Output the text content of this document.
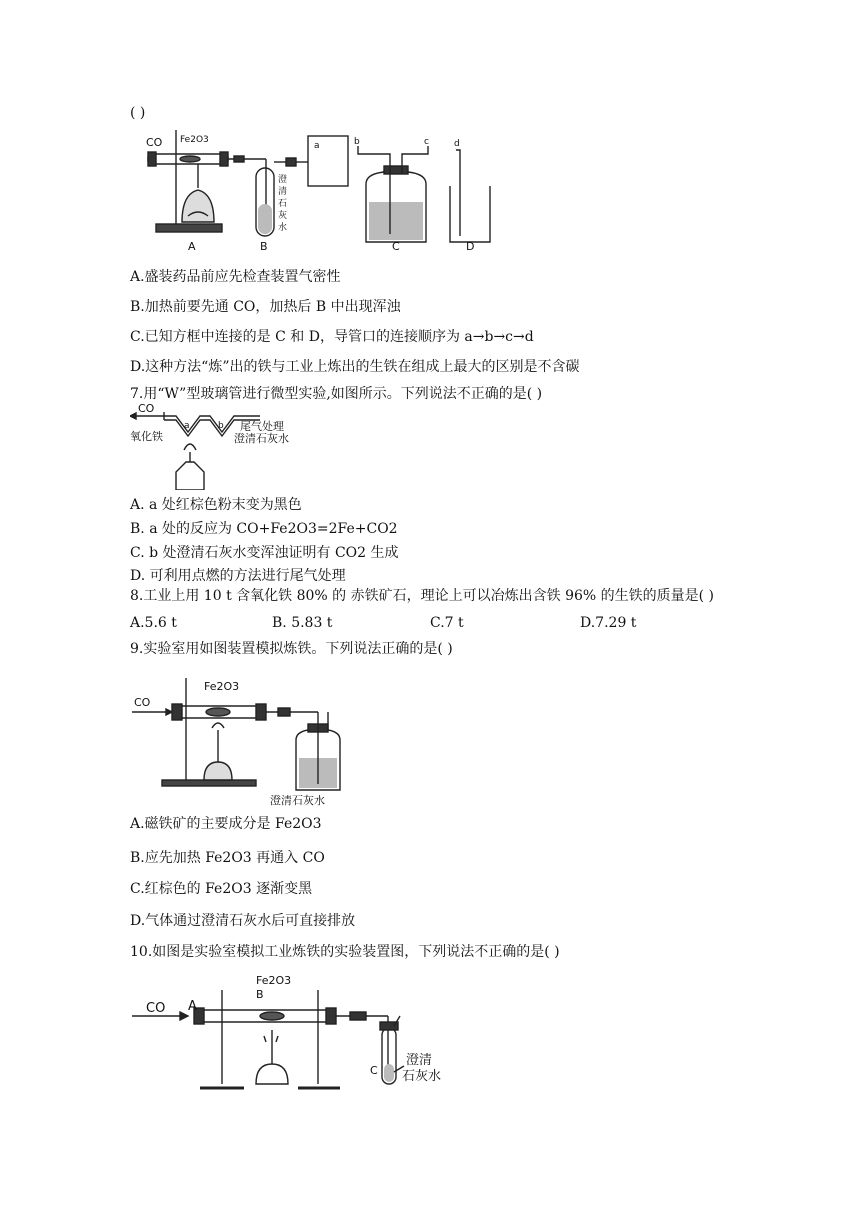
( )
CO Fe2O3
A	B	C	D
a	b	c	d
澄
清
石
灰
水
A.盛装药品前应先检查装置气密性
B.加热前要先通 CO，加热后 B 中出现浑浊
C.已知方框中连接的是 C 和 D，导管口的连接顺序为 a→b→c→d
D.这种方法“炼”出的铁与工业上炼出的生铁在组成上最大的区别是不含碳
7.用“W”型玻璃管进行微型实验,如图所示。下列说法不正确的是( )
CO
a	b
氧化铁
尾气处理
澄清石灰水
A. a 处红棕色粉末变为黑色
B. a 处的反应为 CO+Fe2O3=2Fe+CO2
C. b 处澄清石灰水变浑浊证明有 CO2 生成
D. 可利用点燃的方法进行尾气处理
8.工业上用 10 t 含氧化铁 80% 的 赤铁矿石，理论上可以冶炼出含铁 96% 的生铁的质量是( )
A.5.6 t	B. 5.83 t	C.7 t	D.7.29 t
9.实验室用如图装置模拟炼铁。下列说法正确的是( )
CO
Fe2O3
澄清石灰水
A.磁铁矿的主要成分是 Fe2O3
B.应先加热 Fe2O3 再通入 CO
C.红棕色的 Fe2O3 逐渐变黑
D.气体通过澄清石灰水后可直接排放
10.如图是实验室模拟工业炼铁的实验装置图，下列说法不正确的是( )
CO A
Fe2O3
B
C
澄清
石灰水
